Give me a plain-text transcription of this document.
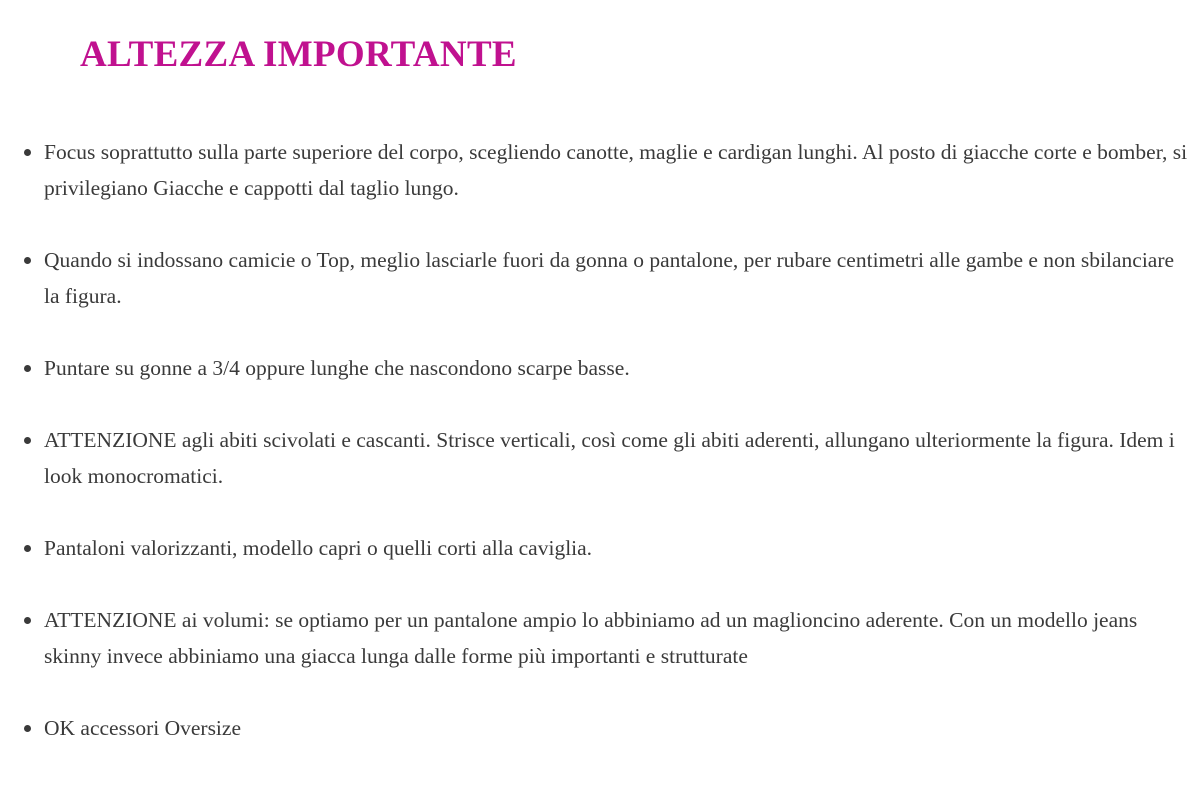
ALTEZZA IMPORTANTE
Focus soprattutto sulla parte superiore del corpo, scegliendo canotte, maglie e cardigan lunghi. Al posto di giacche corte e bomber, si privilegiano Giacche e cappotti dal taglio lungo.
Quando si indossano camicie o Top, meglio lasciarle fuori da gonna o pantalone, per rubare centimetri alle gambe e non sbilanciare la figura.
Puntare su gonne a 3/4 oppure lunghe che nascondono scarpe basse.
ATTENZIONE agli abiti scivolati e cascanti. Strisce verticali, così come gli abiti aderenti, allungano ulteriormente la figura. Idem i look monocromatici.
Pantaloni valorizzanti, modello capri o quelli corti alla caviglia.
ATTENZIONE ai volumi: se optiamo per un pantalone ampio lo abbiniamo ad un maglioncino aderente. Con un modello jeans skinny invece abbiniamo una giacca lunga dalle forme più importanti e strutturate
OK accessori Oversize
